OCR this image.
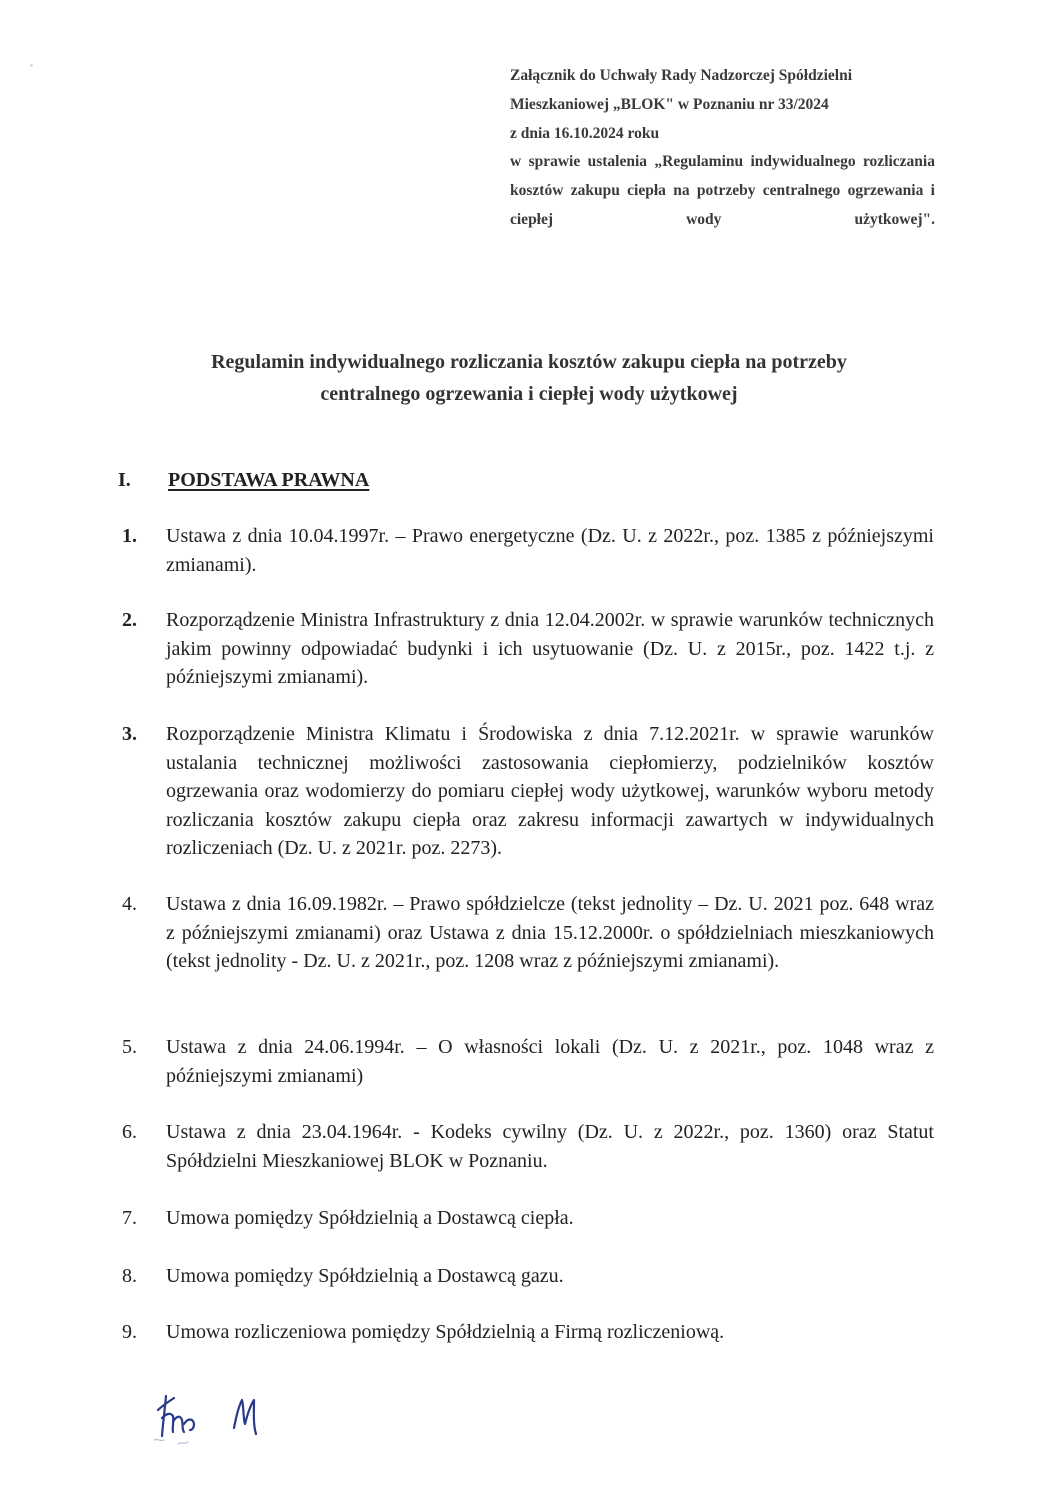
Załącznik do Uchwały Rady Nadzorczej Spółdzielni
Mieszkaniowej „BLOK" w Poznaniu nr 33/2024
z dnia 16.10.2024 roku
w sprawie ustalenia „Regulaminu indywidualnego rozliczania kosztów zakupu ciepła na potrzeby centralnego ogrzewania i ciepłej wody użytkowej".
Regulamin indywidualnego rozliczania kosztów zakupu ciepła na potrzeby
centralnego ogrzewania i ciepłej wody użytkowej
I. PODSTAWA PRAWNA
1.	Ustawa z dnia 10.04.1997r. – Prawo energetyczne (Dz. U. z 2022r., poz. 1385 z późniejszymi zmianami).
2.	Rozporządzenie Ministra Infrastruktury z dnia 12.04.2002r. w sprawie warunków technicznych jakim powinny odpowiadać budynki i ich usytuowanie (Dz. U. z 2015r., poz. 1422 t.j. z późniejszymi zmianami).
3.	Rozporządzenie Ministra Klimatu i Środowiska z dnia 7.12.2021r. w sprawie warunków ustalania technicznej możliwości zastosowania ciepłomierzy, podzielników kosztów ogrzewania oraz wodomierzy do pomiaru ciepłej wody użytkowej, warunków wyboru metody rozliczania kosztów zakupu ciepła oraz zakresu informacji zawartych w indywidualnych rozliczeniach (Dz. U. z 2021r. poz. 2273).
4.	Ustawa z dnia 16.09.1982r. – Prawo spółdzielcze (tekst jednolity – Dz. U. 2021 poz. 648 wraz z późniejszymi zmianami) oraz Ustawa z dnia 15.12.2000r. o spółdzielniach mieszkaniowych (tekst jednolity - Dz. U. z 2021r., poz. 1208 wraz z późniejszymi zmianami).
5.	Ustawa z dnia 24.06.1994r. – O własności lokali (Dz. U. z 2021r., poz. 1048 wraz z późniejszymi zmianami)
6.	Ustawa z dnia 23.04.1964r. - Kodeks cywilny (Dz. U. z 2022r., poz. 1360) oraz Statut Spółdzielni Mieszkaniowej BLOK w Poznaniu.
7.	Umowa pomiędzy Spółdzielnią a Dostawcą ciepła.
8.	Umowa pomiędzy Spółdzielnią a Dostawcą gazu.
9.	Umowa rozliczeniowa pomiędzy Spółdzielnią a Firmą rozliczeniową.
